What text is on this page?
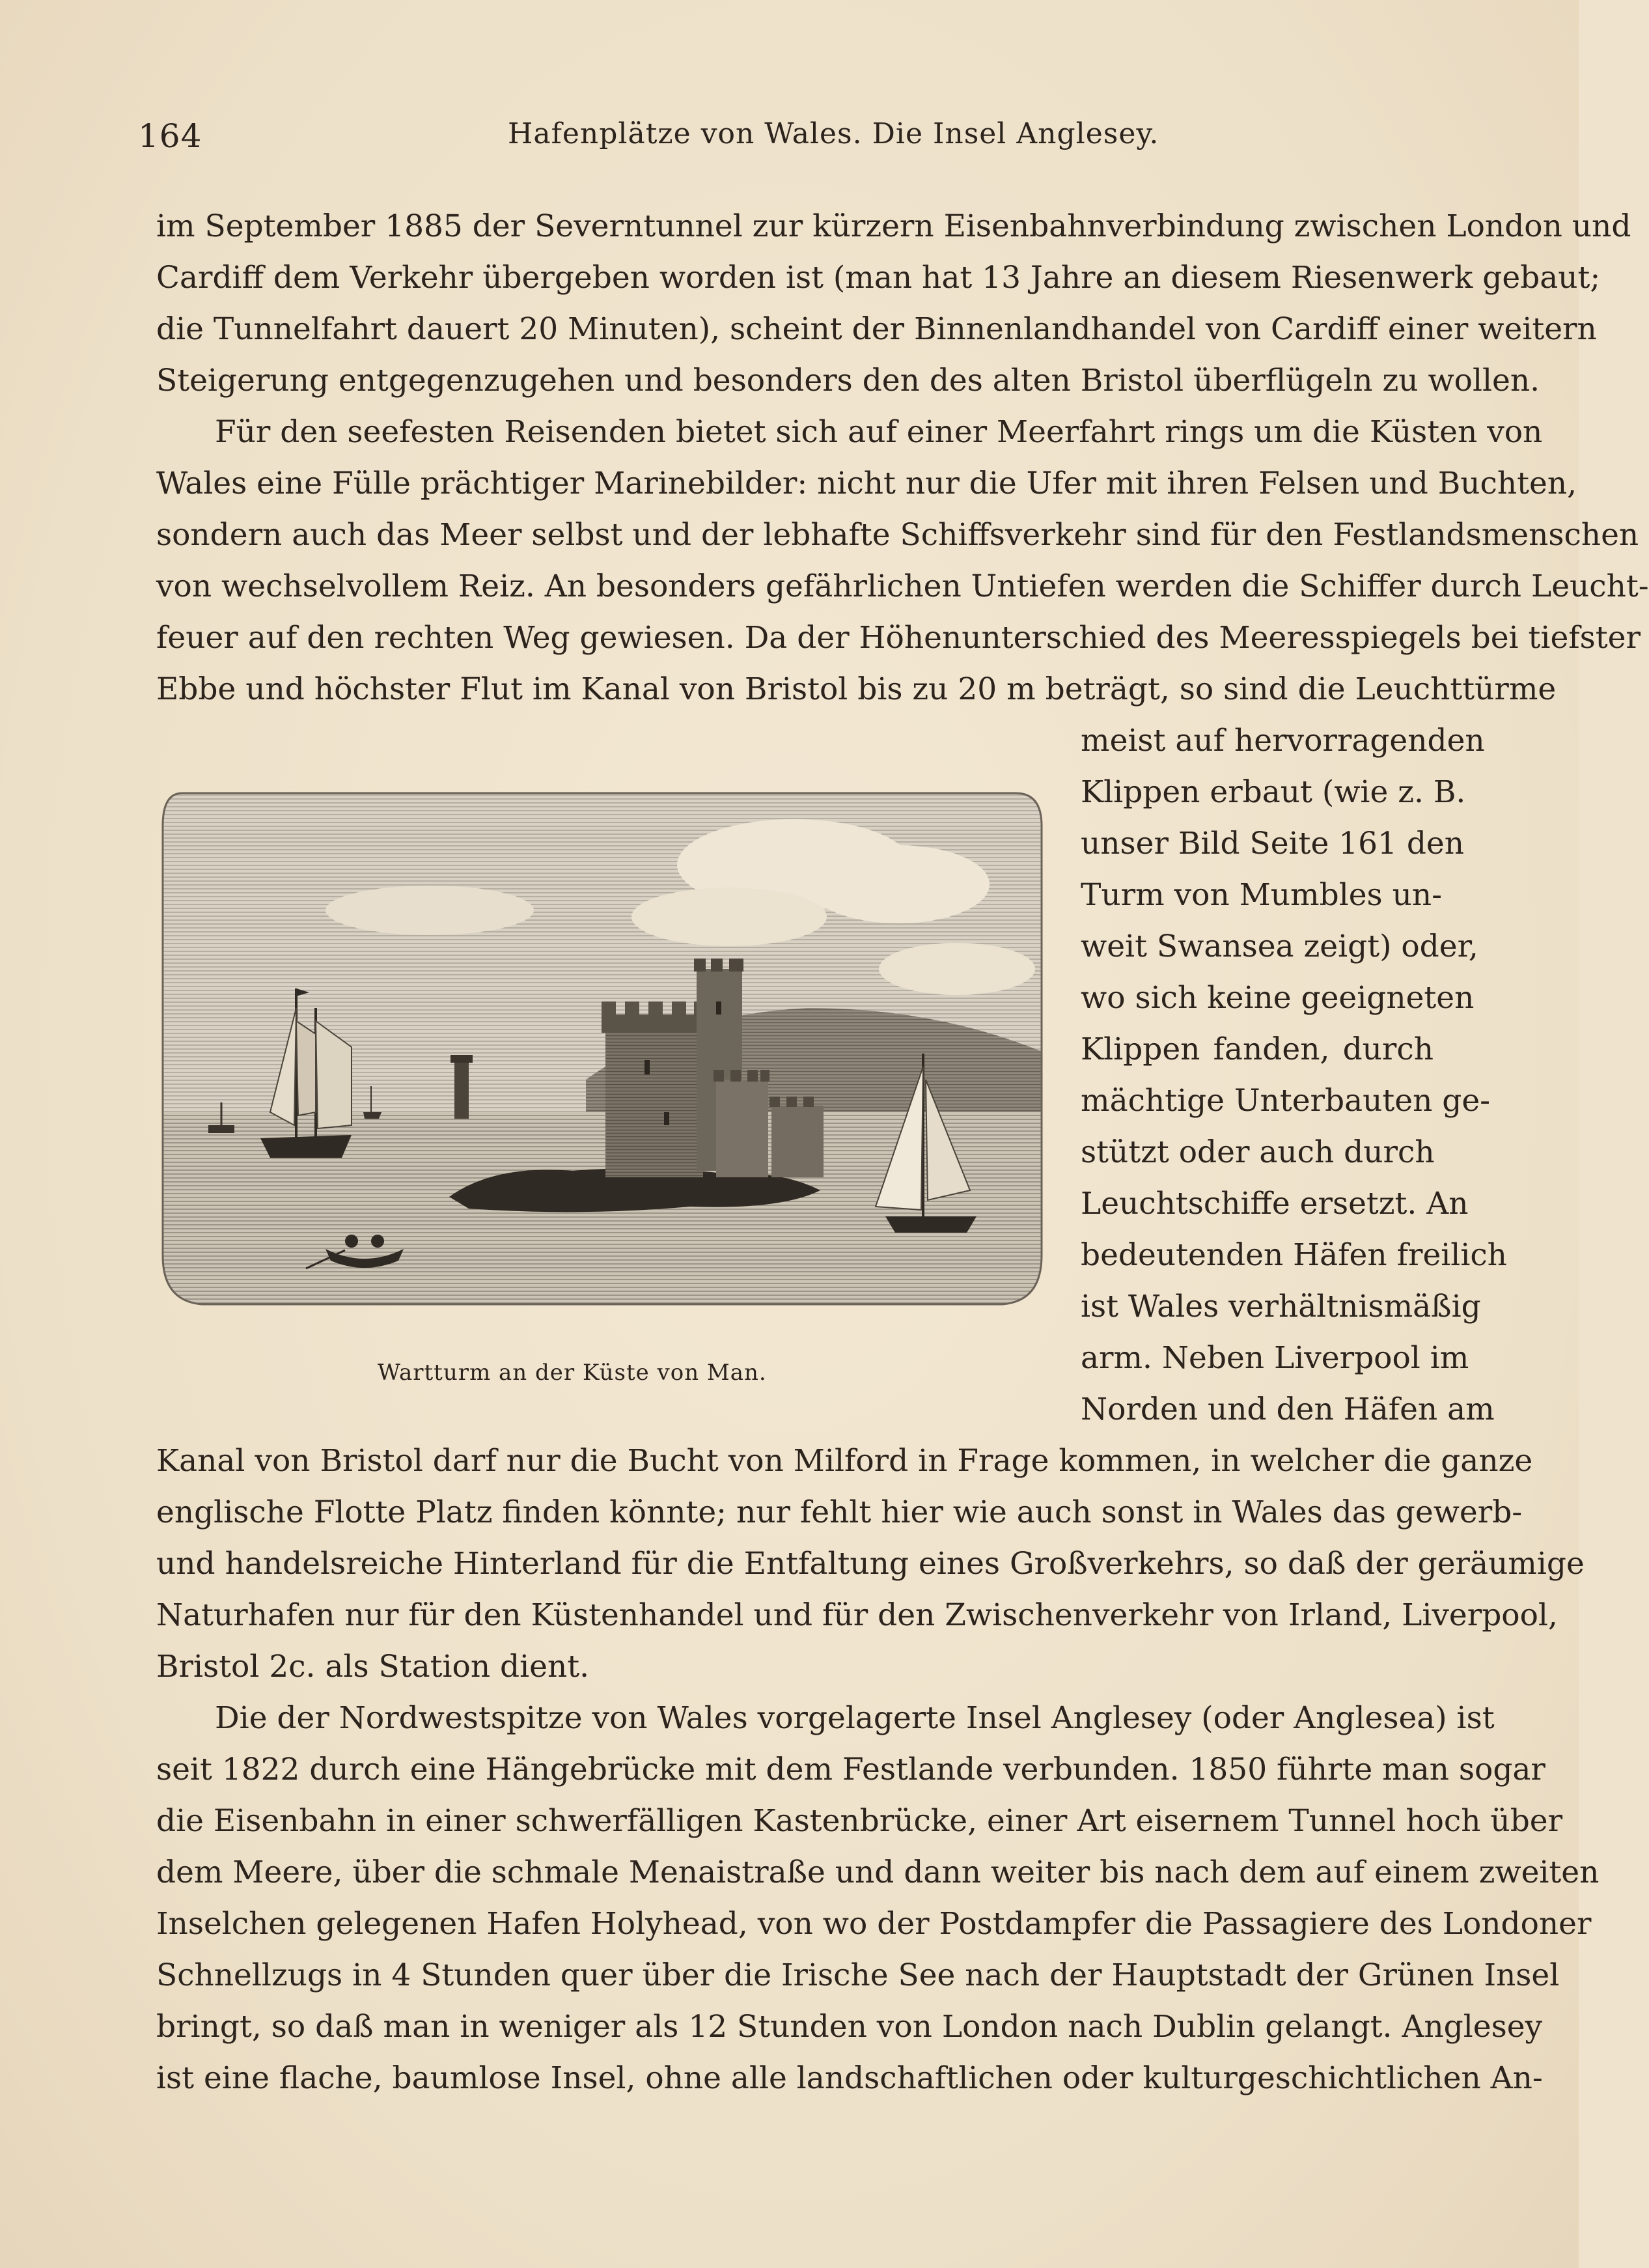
164	Hafenplätze von Wales. Die Insel Anglesey.
im September 1885 der Severntunnel zur kürzern Eisenbahnverbindung zwischen London und
Cardiff dem Verkehr übergeben worden ist (man hat 13 Jahre an diesem Riesenwerk gebaut;
die Tunnelfahrt dauert 20 Minuten), scheint der Binnenlandhandel von Cardiff einer weitern
Steigerung entgegenzugehen und besonders den des alten Bristol überflügeln zu wollen.
Für den seefesten Reisenden bietet sich auf einer Meerfahrt rings um die Küsten von
Wales eine Fülle prächtiger Marinebilder: nicht nur die Ufer mit ihren Felsen und Buchten,
sondern auch das Meer selbst und der lebhafte Schiffsverkehr sind für den Festlandsmenschen
von wechselvollem Reiz. An besonders gefährlichen Untiefen werden die Schiffer durch Leucht-
feuer auf den rechten Weg gewiesen. Da der Höhenunterschied des Meeresspiegels bei tiefster
Ebbe und höchster Flut im Kanal von Bristol bis zu 20 m beträgt, so sind die Leuchttürme
meist auf hervorragenden
Klippen erbaut (wie z. B.
unser Bild Seite 161 den
Turm von Mumbles un-
weit Swansea zeigt) oder,
wo sich keine geeigneten
Klippen fanden, durch
mächtige Unterbauten ge-
stützt oder auch durch
Leuchtschiffe ersetzt. An
bedeutenden Häfen freilich
ist Wales verhältnismäßig
arm. Neben Liverpool im
Norden und den Häfen am
Wartturm an der Küste von Man.
Kanal von Bristol darf nur die Bucht von Milford in Frage kommen, in welcher die ganze
englische Flotte Platz finden könnte; nur fehlt hier wie auch sonst in Wales das gewerb-
und handelsreiche Hinterland für die Entfaltung eines Großverkehrs, so daß der geräumige
Naturhafen nur für den Küstenhandel und für den Zwischenverkehr von Irland, Liverpool,
Bristol 2c. als Station dient.
Die der Nordwestspitze von Wales vorgelagerte Insel Anglesey (oder Anglesea) ist
seit 1822 durch eine Hängebrücke mit dem Festlande verbunden. 1850 führte man sogar
die Eisenbahn in einer schwerfälligen Kastenbrücke, einer Art eisernem Tunnel hoch über
dem Meere, über die schmale Menaistraße und dann weiter bis nach dem auf einem zweiten
Inselchen gelegenen Hafen Holyhead, von wo der Postdampfer die Passagiere des Londoner
Schnellzugs in 4 Stunden quer über die Irische See nach der Hauptstadt der Grünen Insel
bringt, so daß man in weniger als 12 Stunden von London nach Dublin gelangt. Anglesey
ist eine flache, baumlose Insel, ohne alle landschaftlichen oder kulturgeschichtlichen An-
